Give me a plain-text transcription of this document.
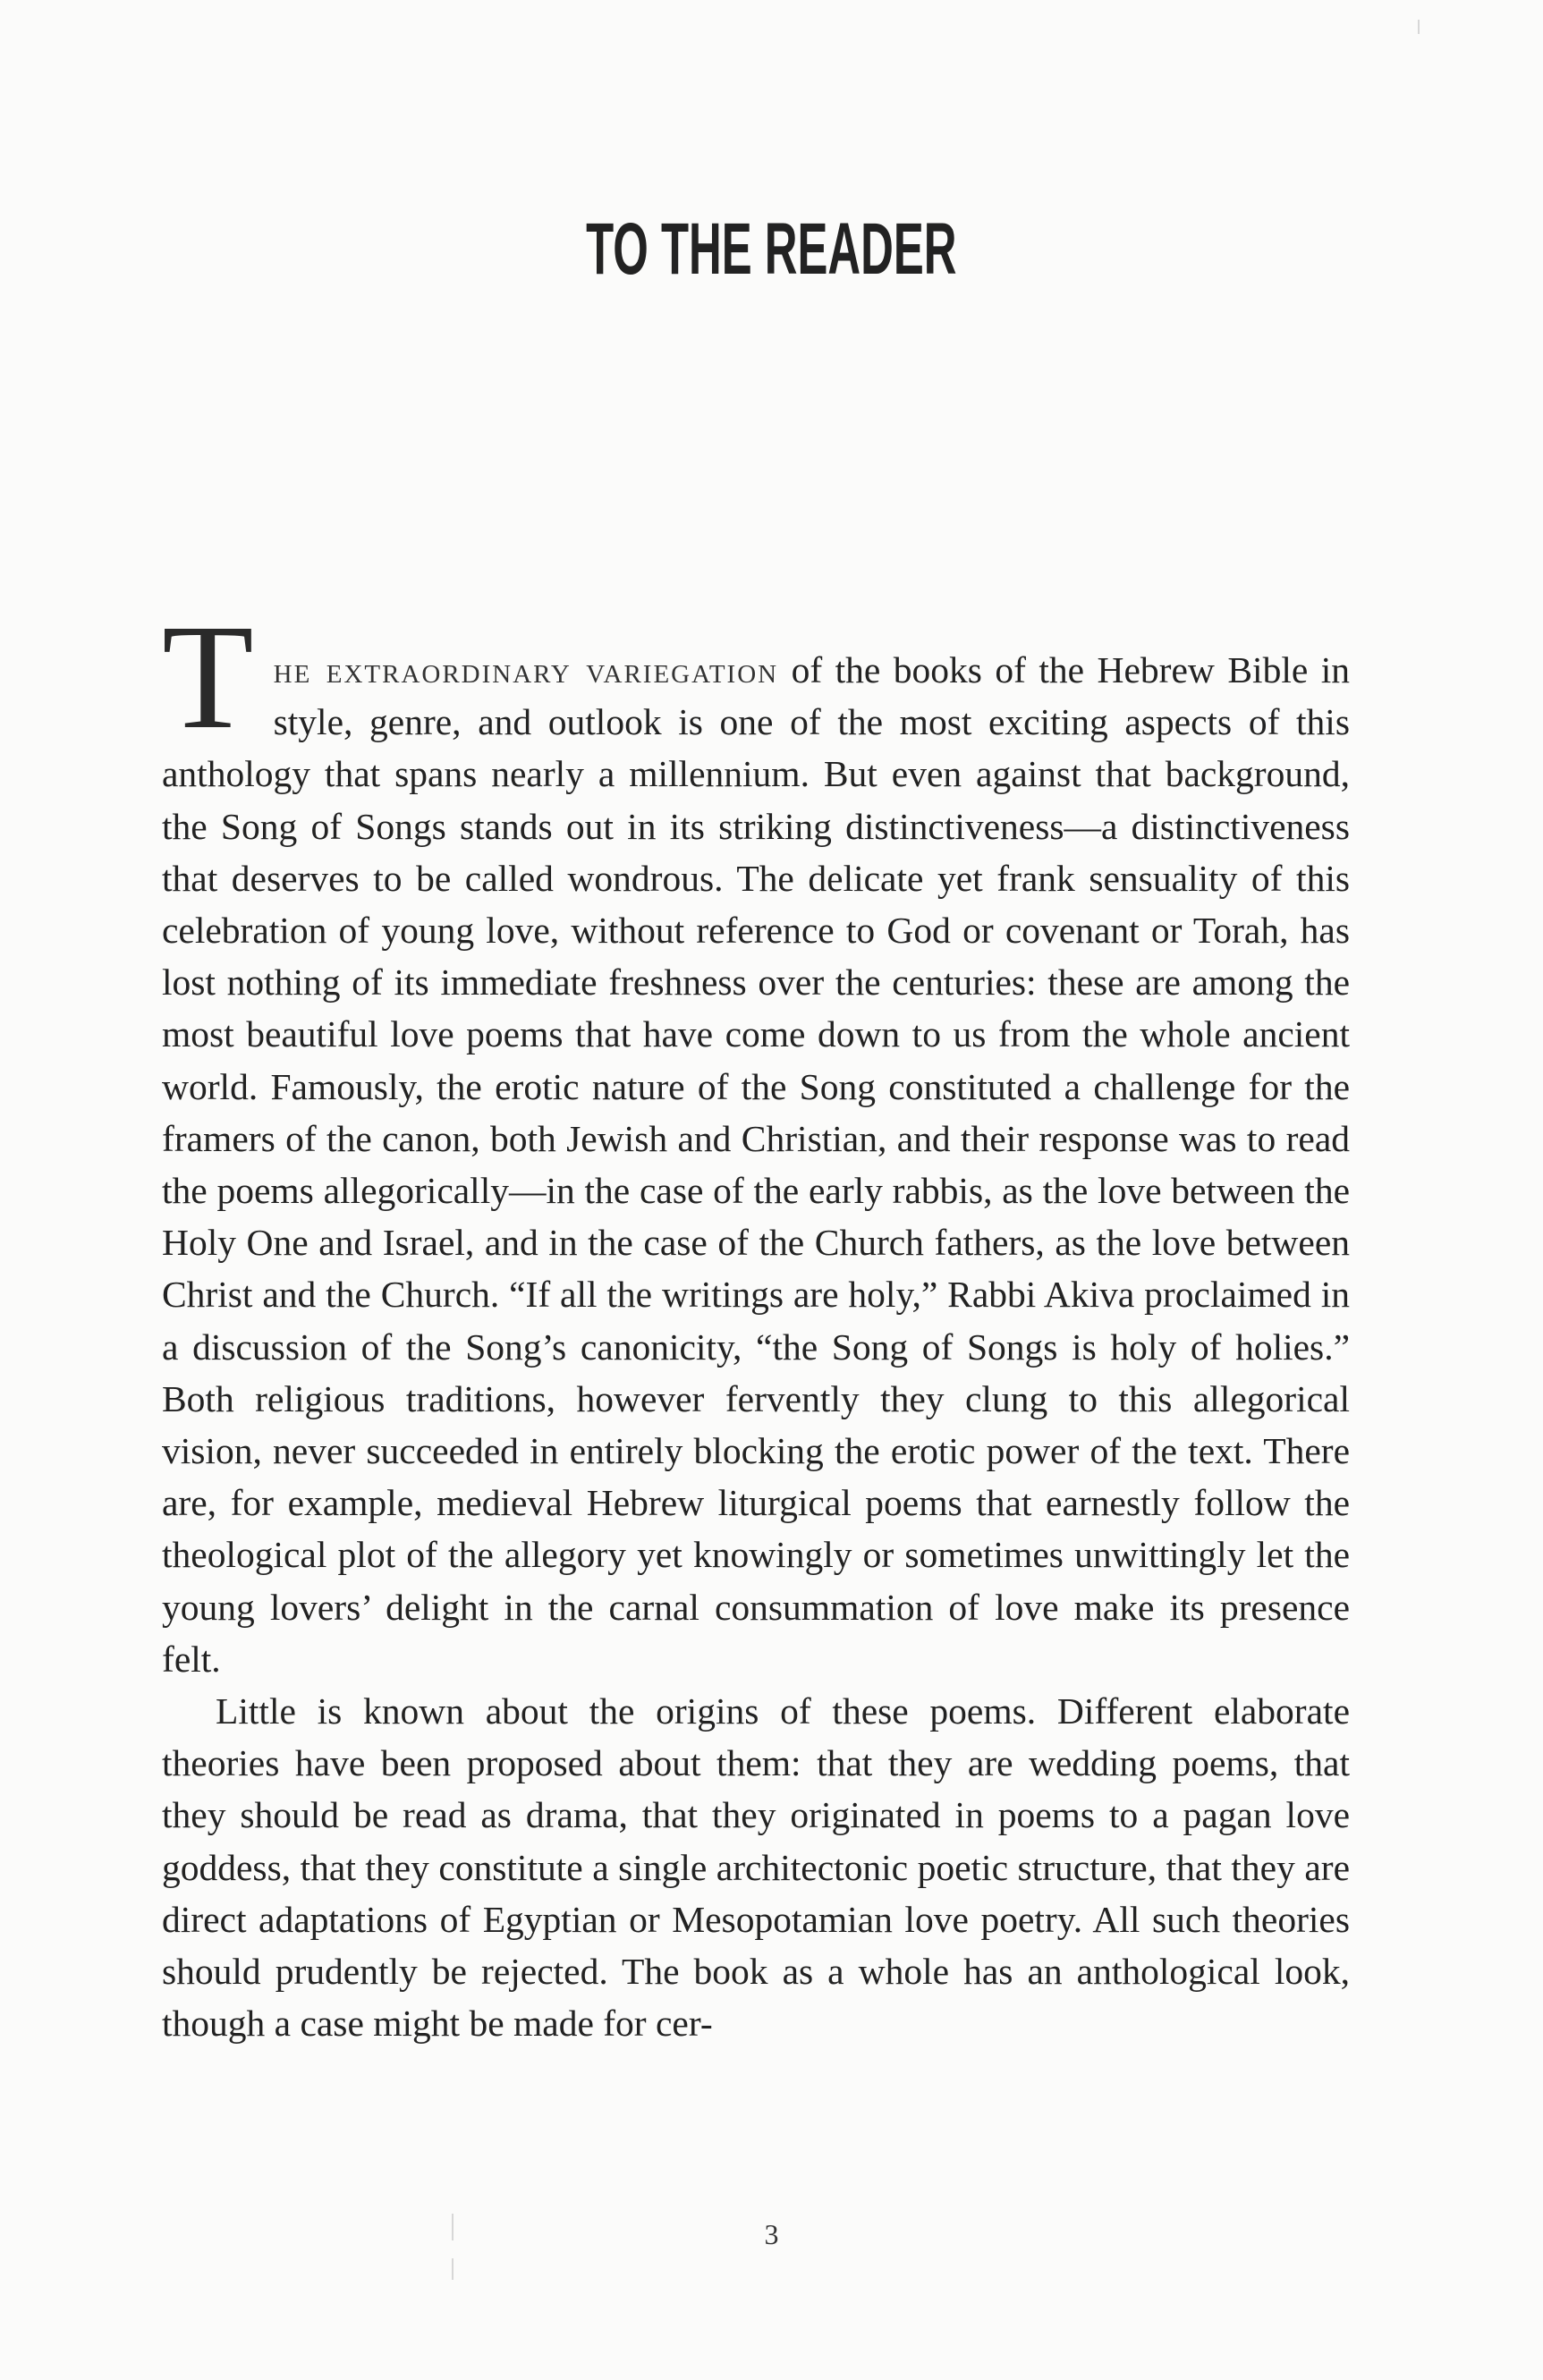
TO THE READER

The extraordinary variegation of the books of the Hebrew Bible in style, genre, and outlook is one of the most exciting aspects of this anthology that spans nearly a millennium. But even against that background, the Song of Songs stands out in its striking distinctiveness—a distinctiveness that deserves to be called wondrous. The delicate yet frank sensuality of this celebration of young love, without reference to God or covenant or Torah, has lost nothing of its immediate freshness over the centuries: these are among the most beautiful love poems that have come down to us from the whole ancient world. Famously, the erotic nature of the Song constituted a challenge for the framers of the canon, both Jewish and Christian, and their response was to read the poems allegorically—in the case of the early rabbis, as the love between the Holy One and Israel, and in the case of the Church fathers, as the love between Christ and the Church. “If all the writings are holy,” Rabbi Akiva proclaimed in a discussion of the Song’s canonicity, “the Song of Songs is holy of holies.” Both religious traditions, however fervently they clung to this allegorical vision, never succeeded in entirely blocking the erotic power of the text. There are, for example, medieval Hebrew liturgical poems that earnestly follow the theological plot of the allegory yet knowingly or sometimes unwittingly let the young lovers’ delight in the carnal consummation of love make its presence felt.

Little is known about the origins of these poems. Different elaborate theories have been proposed about them: that they are wedding poems, that they should be read as drama, that they originated in poems to a pagan love goddess, that they constitute a single architectonic poetic structure, that they are direct adaptations of Egyptian or Mesopotamian love poetry. All such theories should prudently be rejected. The book as a whole has an anthological look, though a case might be made for cer-

3
